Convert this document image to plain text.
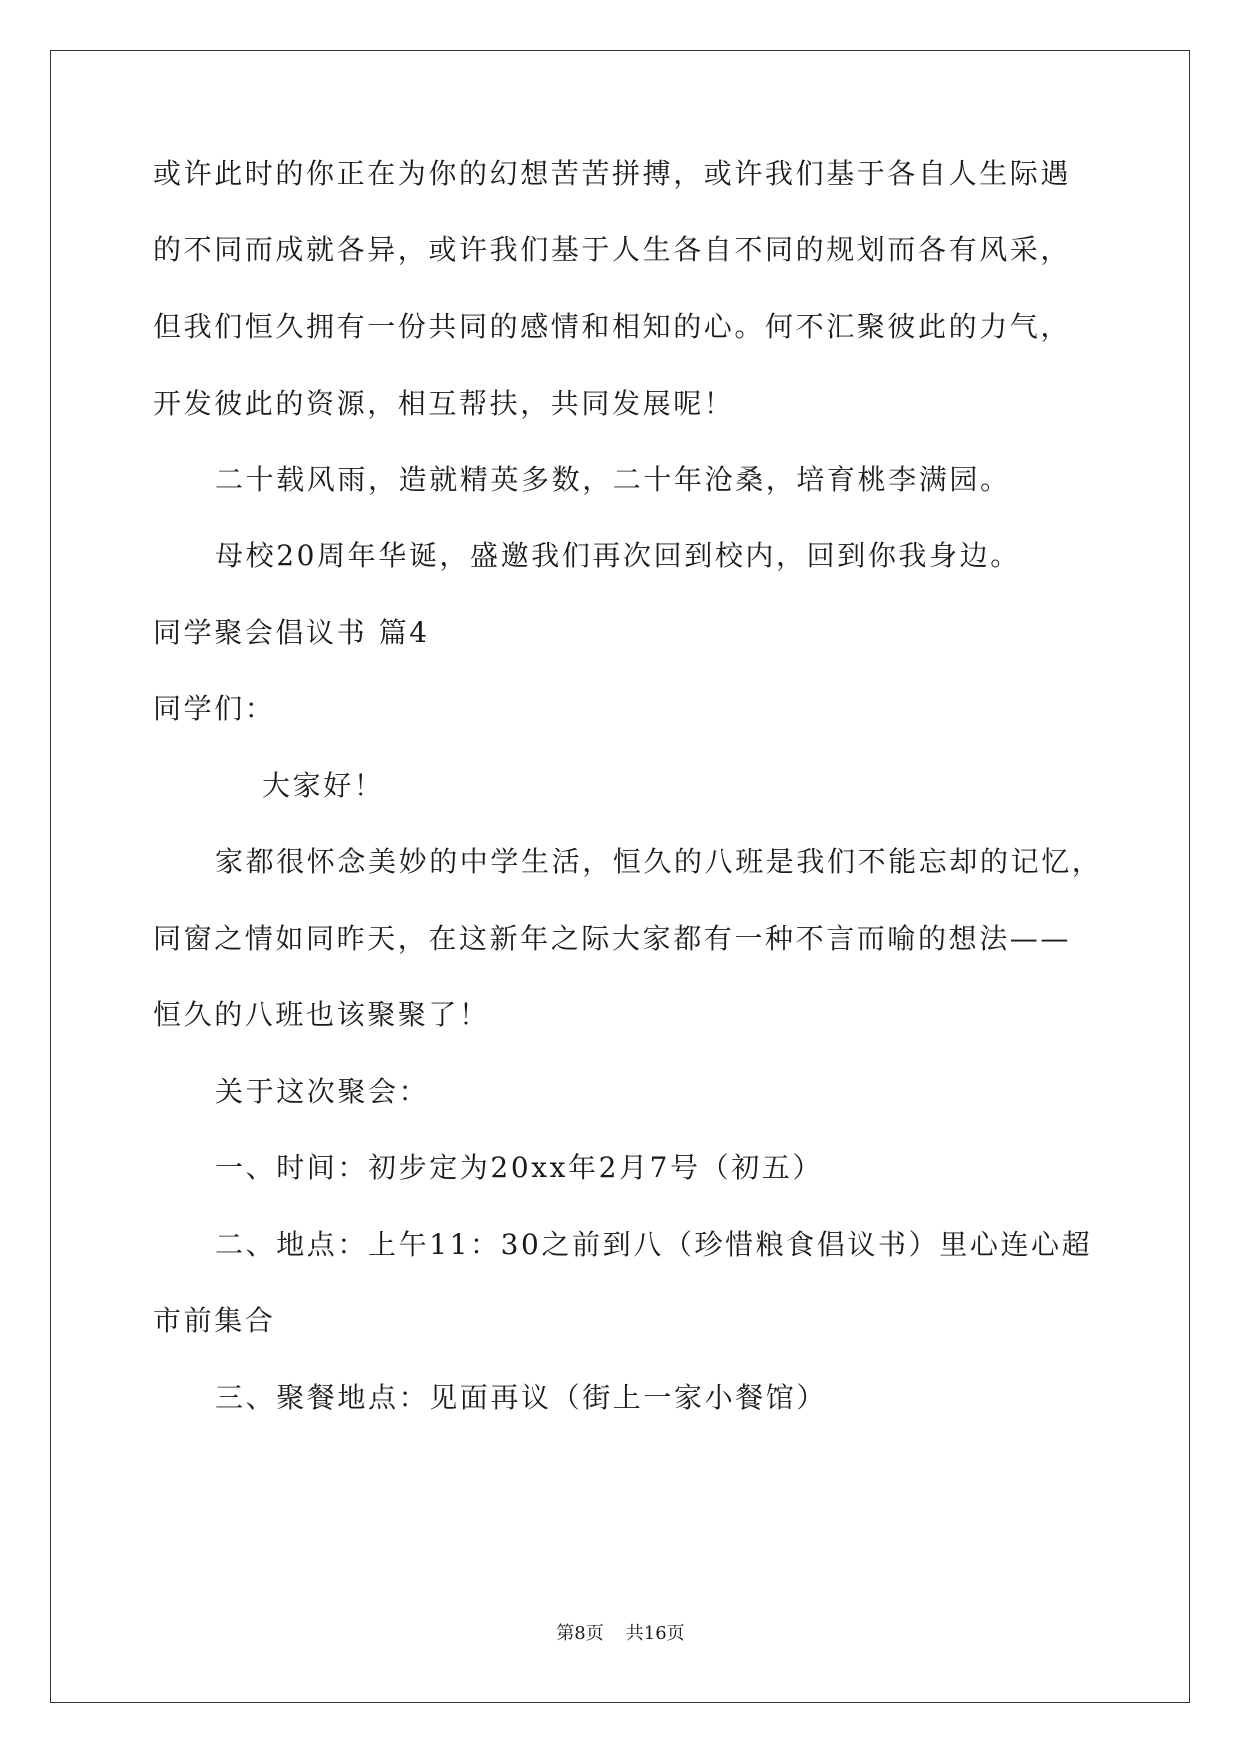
或许此时的你正在为你的幻想苦苦拼搏，或许我们基于各自人生际遇
的不同而成就各异，或许我们基于人生各自不同的规划而各有风采，
但我们恒久拥有一份共同的感情和相知的心。何不汇聚彼此的力气，
开发彼此的资源，相互帮扶，共同发展呢！
二十载风雨，造就精英多数，二十年沧桑，培育桃李满园。
母校20周年华诞，盛邀我们再次回到校内，回到你我身边。
同学聚会倡议书 篇4
同学们：
大家好！
家都很怀念美妙的中学生活，恒久的八班是我们不能忘却的记忆，
同窗之情如同昨天，在这新年之际大家都有一种不言而喻的想法——
恒久的八班也该聚聚了！
关于这次聚会：
一、时间：初步定为20xx年2月7号（初五）
二、地点：上午11：30之前到八（珍惜粮食倡议书）里心连心超
市前集合
三、聚餐地点：见面再议（街上一家小餐馆）
第8页 共16页
